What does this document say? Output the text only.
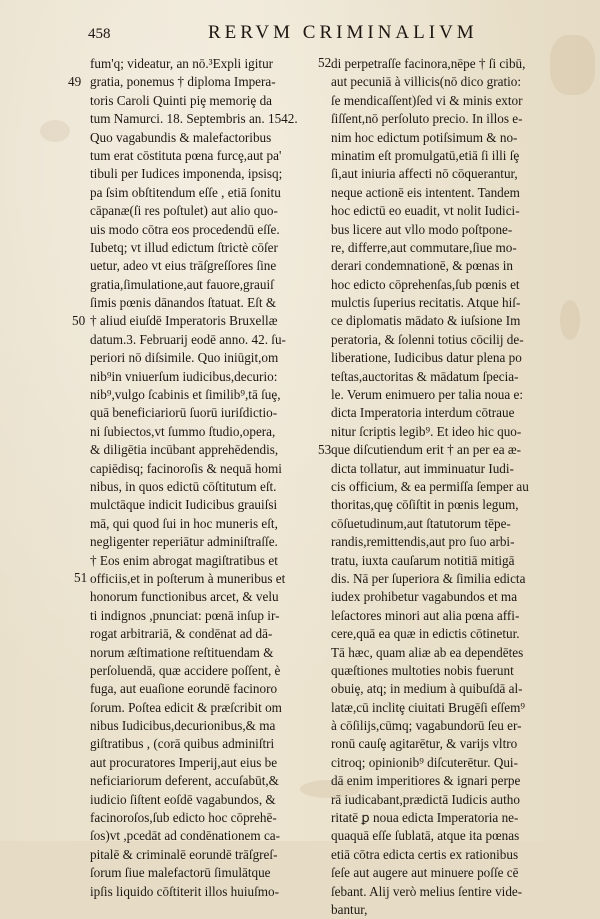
458	RERVM CRIMINALIVM
49
50
51
52
53
fum'q; videatur, an nō.³Expli igitur
gratia, ponemus † diploma Impera-
toris Caroli Quinti piȩ memoriȩ da
tum Namurci. 18. Septembris an. 1542.
Quo vagabundis & malefactoribus
tum erat cōstituta pœna furcȩ,aut pa'
tibuli per Iudices imponenda, ipsisq;
pa ſsim obſtitendum eſſe , etiā ſonitu
cāpanæ(ſi res poſtulet) aut alio quo-
uis modo cōtra eos procedendū eſſe.
Iubetq; vt illud edictum ſtrictè cōſer
uetur, adeo vt eius trāſgreſſores ſine
gratia,ſimulatione,aut fauore,grauiſ
ſimis pœnis dānandos ſtatuat. Eſt &
† aliud eiuſdē Imperatoris Bruxellæ
datum.3. Februarij eodē anno. 42. ſu-
periori nō diſsimile. Quo iniūgit,om
nib⁹in vniuerſum iudicibus,decurio:
nib⁹,vulgo ſcabinis et ſimilib⁹,tā ſuȩ,
quā beneficiariorū ſuorū iuriſdictio-
ni ſubiectos,vt ſummo ſtudio,opera,
& diligētia incūbant apprehēdendis,
capiēdisq; facinoroſis & nequā homi
nibus, in quos edictū cōſtitutum eſt.
mulctāque indicit Iudicibus grauiſsi
mā, qui quod ſui in hoc muneris eſt,
negligenter reperiātur adminiſtraſſe.
† Eos enim abrogat magiſtratibus et
officiis,et in poſterum à muneribus et
honorum functionibus arcet, & velu
ti indignos ,pnunciat: pœnā inſup ir-
rogat arbitrariā, & condēnat ad dā-
norum æſtimatione reſtituendam &
perſoluendā, quæ accidere poſſent, è
fuga, aut euaſione eorundē facinoro
ſorum. Poſtea edicit & præſcribit om
nibus Iudicibus,decurionibus,& ma
giſtratibus , (corā quibus adminiſtri
aut procuratores Imperij,aut eius be
neficiariorum deferent, accuſabūt,&
iudicio ſiſtent eoſdē vagabundos, &
facinoroſos,ſub edicto hoc cōprehē-
ſos)vt ,pcedāt ad condēnationem ca-
pitalē & criminalē eorundē trāſgreſ-
ſorum ſiue malefactorū ſimulātque
ipſis liquido cōſtiterit illos huiuſmo-
di perpetraſſe facinora,nēpe † ſi cibū,
aut pecuniā à villicis(nō dico gratio:
ſe mendicaſſent)ſed vi & minis extor
ſiſſent,nō perſoluto precio. In illos e-
nim hoc edictum potiſsimum & no-
minatim eſt promulgatū,etiā ſi illi ſȩ
ſi,aut iniuria affecti nō cōquerantur,
neque actionē eis intentent. Tandem
hoc edictū eo euadit, vt nolit Iudici-
bus licere aut vllo modo poſtpone-
re, differre,aut commutare,ſiue mo-
derari condemnationē, & pœnas in
hoc edicto cōprehenſas,ſub pœnis et
mulctis ſuperius recitatis. Atque hiſ-
ce diplomatis mādato & iuſsione Im
peratoria, & ſolenni totius cōcilij de-
liberatione, Iudicibus datur plena po
teſtas,auctoritas & mādatum ſpecia-
le. Verum enimuero per talia noua e:
dicta Imperatoria interdum cōtraue
nitur ſcriptis legib⁹. Et ideo hic quo-
que diſcutiendum erit † an per ea æ-
dicta tollatur, aut imminuatur Iudi-
cis officium, & ea permiſſa ſemper au
thoritas,quȩ cōſiſtit in pœnis legum,
cōſuetudinum,aut ſtatutorum tēpe-
randis,remittendis,aut pro ſuo arbi-
tratu, iuxta cauſarum notitiā mitigā
dis. Nā per ſuperiora & ſimilia edicta
iudex prohibetur vagabundos et ma
leſactores minori aut alia pœna affi-
cere,quā ea quæ in edictis cōtinetur.
Tā hæc, quam aliæ ab ea dependētes
quæſtiones multoties nobis fuerunt
obuiȩ, atq; in medium à quibuſdā al-
latæ,cū inclitȩ ciuitati Brugēſi eſſem⁹
à cōſilijs,cūmq; vagabundorū ſeu er-
ronū cauſȩ agitarētur, & varijs vltro
citroq; opinionib⁹ diſcuterētur. Qui-
dā enim imperitiores & ignari perpe
rā iudicabant,prædictā Iudicis autho
ritatē ꝑ noua edicta Imperatoria ne-
quaquā eſſe ſublatā, atque ita pœnas
etiā cōtra edicta certis ex rationibus
ſeſe aut augere aut minuere poſſe cē
ſebant. Alij verò melius ſentire vide-
bantur,
